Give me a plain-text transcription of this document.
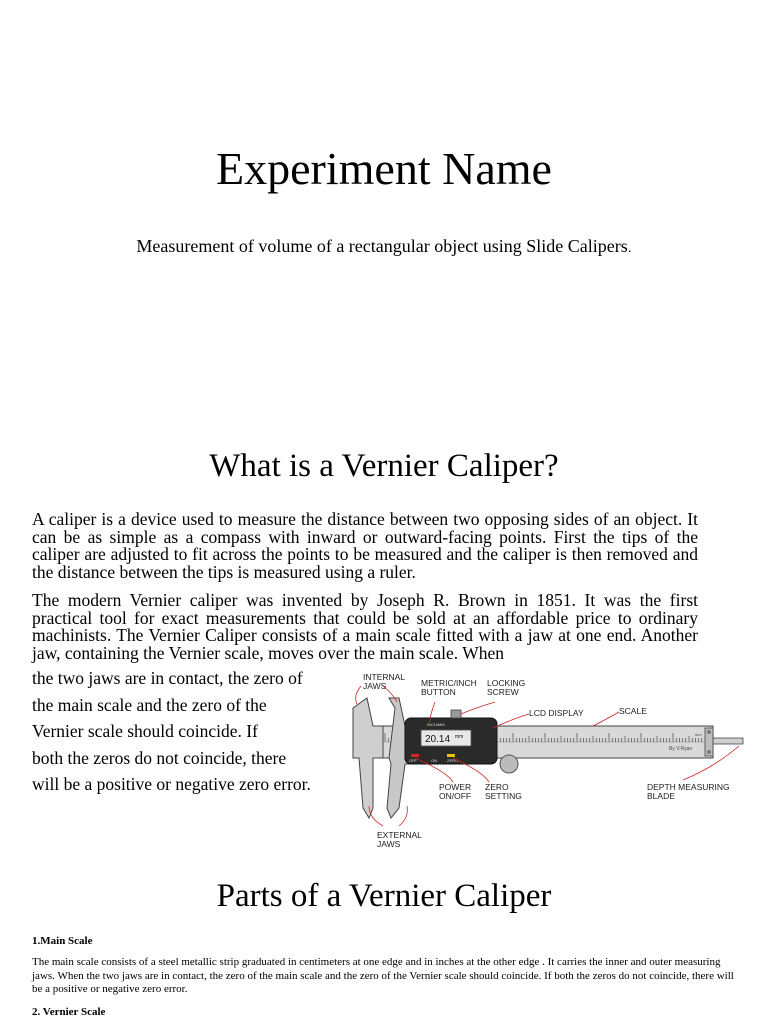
Experiment Name
Measurement of volume of a rectangular object using Slide Calipers.
What is a Vernier Caliper?
A caliper is a device used to measure the distance between two opposing sides of an object. It can be as simple as a compass with inward or outward-facing points. First the tips of the caliper are adjusted to fit across the points to be measured and the caliper is then removed and the distance between the tips is measured using a ruler.
The modern Vernier caliper was invented by Joseph R. Brown in 1851. It was the first practical tool for exact measurements that could be sold at an affordable price to ordinary machinists. The Vernier Caliper consists of a main scale fitted with a jaw at one end. Another jaw, containing the Vernier scale, moves over the main scale. When
the two jaws are in contact, the zero of
the main scale and the zero of the
Vernier scale should coincide. If
both the zeros do not coincide, there
will be a positive or negative zero error.
20.14 mm
INCH/MM
OFF	ON	ZERO
By V.Ryan
mm
INTERNAL JAWS	METRIC/INCH BUTTON
LOCKING SCREW
LCD DISPLAY	SCALE
POWER ON/OFF
ZERO SETTING
DEPTH MEASURING BLADE
EXTERNAL JAWS
Parts of a Vernier Caliper
1.Main Scale
The main scale consists of a steel metallic strip graduated in centimeters at one edge and in inches at the other edge . It carries the inner and outer measuring jaws. When the two jaws are in contact, the zero of the main scale and the zero of the Vernier scale should coincide. If both the zeros do not coincide, there will be a positive or negative zero error.
2. Vernier Scale
